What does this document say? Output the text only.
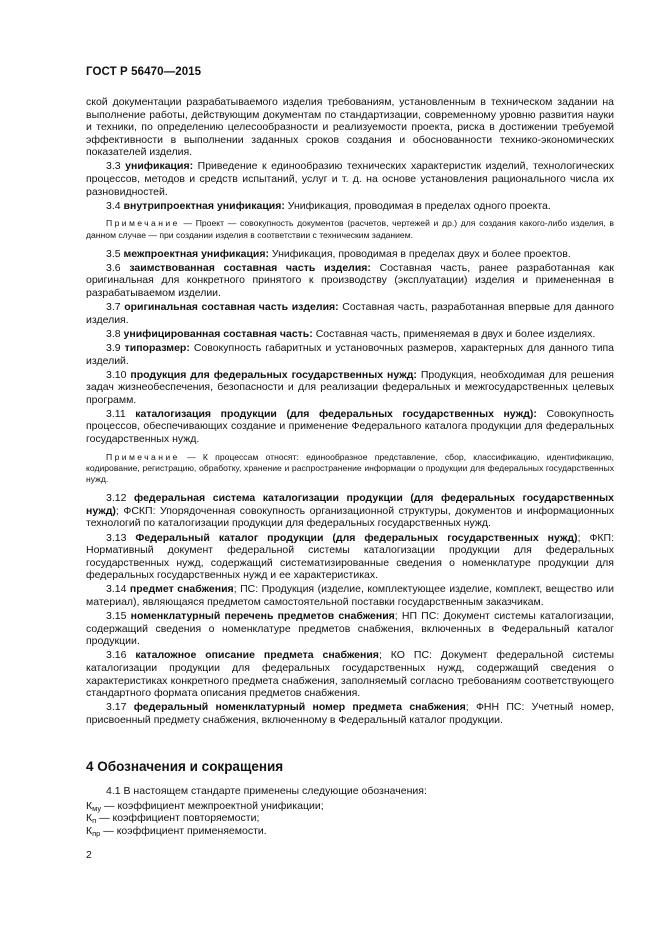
ГОСТ Р 56470—2015

ской документации разрабатываемого изделия требованиям, установленным в техническом задании на выполнение работы, действующим документам по стандартизации, современному уровню развития науки и техники, по определению целесообразности и реализуемости проекта, риска в достижении требуемой эффективности в выполнении заданных сроков создания и обоснованности технико-экономических показателей изделия.

3.3 унификация: Приведение к единообразию технических характеристик изделий, технологических процессов, методов и средств испытаний, услуг и т. д. на основе установления рационального числа их разновидностей.

3.4 внутрипроектная унификация: Унификация, проводимая в пределах одного проекта.

Примечание — Проект — совокупность документов (расчетов, чертежей и др.) для создания какого-либо изделия, в данном случае — при создании изделия в соответствии с техническим заданием.

3.5 межпроектная унификация: Унификация, проводимая в пределах двух и более проектов.

3.6 заимствованная составная часть изделия: Составная часть, ранее разработанная как оригинальная для конкретного принятого к производству (эксплуатации) изделия и примененная в разрабатываемом изделии.

3.7 оригинальная составная часть изделия: Составная часть, разработанная впервые для данного изделия.

3.8 унифицированная составная часть: Составная часть, применяемая в двух и более изделиях.

3.9 типоразмер: Совокупность габаритных и установочных размеров, характерных для данного типа изделий.

3.10 продукция для федеральных государственных нужд: Продукция, необходимая для решения задач жизнеобеспечения, безопасности и для реализации федеральных и межгосударственных целевых программ.

3.11 каталогизация продукции (для федеральных государственных нужд): Совокупность процессов, обеспечивающих создание и применение Федерального каталога продукции для федеральных государственных нужд.

Примечание — К процессам относят: единообразное представление, сбор, классификацию, идентификацию, кодирование, регистрацию, обработку, хранение и распространение информации о продукции для федеральных государственных нужд.

3.12 федеральная система каталогизации продукции (для федеральных государственных нужд); ФСКП: Упорядоченная совокупность организационной структуры, документов и информационных технологий по каталогизации продукции для федеральных государственных нужд.

3.13 Федеральный каталог продукции (для федеральных государственных нужд); ФКП: Нормативный документ федеральной системы каталогизации продукции для федеральных государственных нужд, содержащий систематизированные сведения о номенклатуре продукции для федеральных государственных нужд и ее характеристиках.

3.14 предмет снабжения; ПС: Продукция (изделие, комплектующее изделие, комплект, вещество или материал), являющаяся предметом самостоятельной поставки государственным заказчикам.

3.15 номенклатурный перечень предметов снабжения; НП ПС: Документ системы каталогизации, содержащий сведения о номенклатуре предметов снабжения, включенных в Федеральный каталог продукции.

3.16 каталожное описание предмета снабжения; КО ПС: Документ федеральной системы каталогизации продукции для федеральных государственных нужд, содержащий сведения о характеристиках конкретного предмета снабжения, заполняемый согласно требованиям соответствующего стандартного формата описания предметов снабжения.

3.17 федеральный номенклатурный номер предмета снабжения; ФНН ПС: Учетный номер, присвоенный предмету снабжения, включенному в Федеральный каталог продукции.

4 Обозначения и сокращения

4.1 В настоящем стандарте применены следующие обозначения:

$К_{му}$ — коэффициент межпроектной унификации;

$К_п$ — коэффициент повторяемости;

$К_{пр}$ — коэффициент применяемости.

2
